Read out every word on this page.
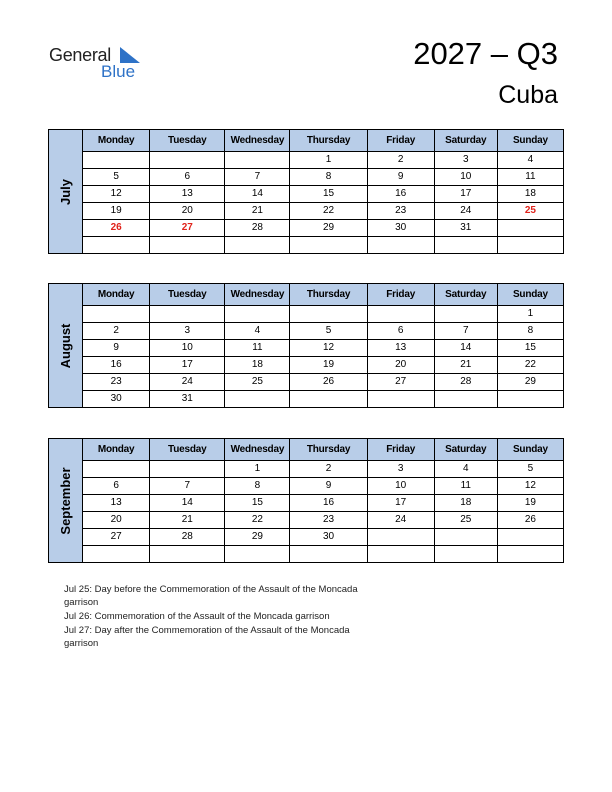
General
Blue
2027 – Q3
Cuba
July	Monday	Tuesday	Wednesday	Thursday	Friday	Saturday	Sunday
				1	2	3	4
	5	6	7	8	9	10	11
	12	13	14	15	16	17	18
	19	20	21	22	23	24	25
	26	27	28	29	30	31	

August	Monday	Tuesday	Wednesday	Thursday	Friday	Saturday	Sunday
							1
	2	3	4	5	6	7	8
	9	10	11	12	13	14	15
	16	17	18	19	20	21	22
	23	24	25	26	27	28	29
	30	31					
September	Monday	Tuesday	Wednesday	Thursday	Friday	Saturday	Sunday
			1	2	3	4	5
	6	7	8	9	10	11	12
	13	14	15	16	17	18	19
	20	21	22	23	24	25	26
	27	28	29	30			

Jul 25: Day before the Commemoration of the Assault of the Moncada garrison
Jul 26: Commemoration of the Assault of the Moncada garrison
Jul 27: Day after the Commemoration of the Assault of the Moncada garrison
